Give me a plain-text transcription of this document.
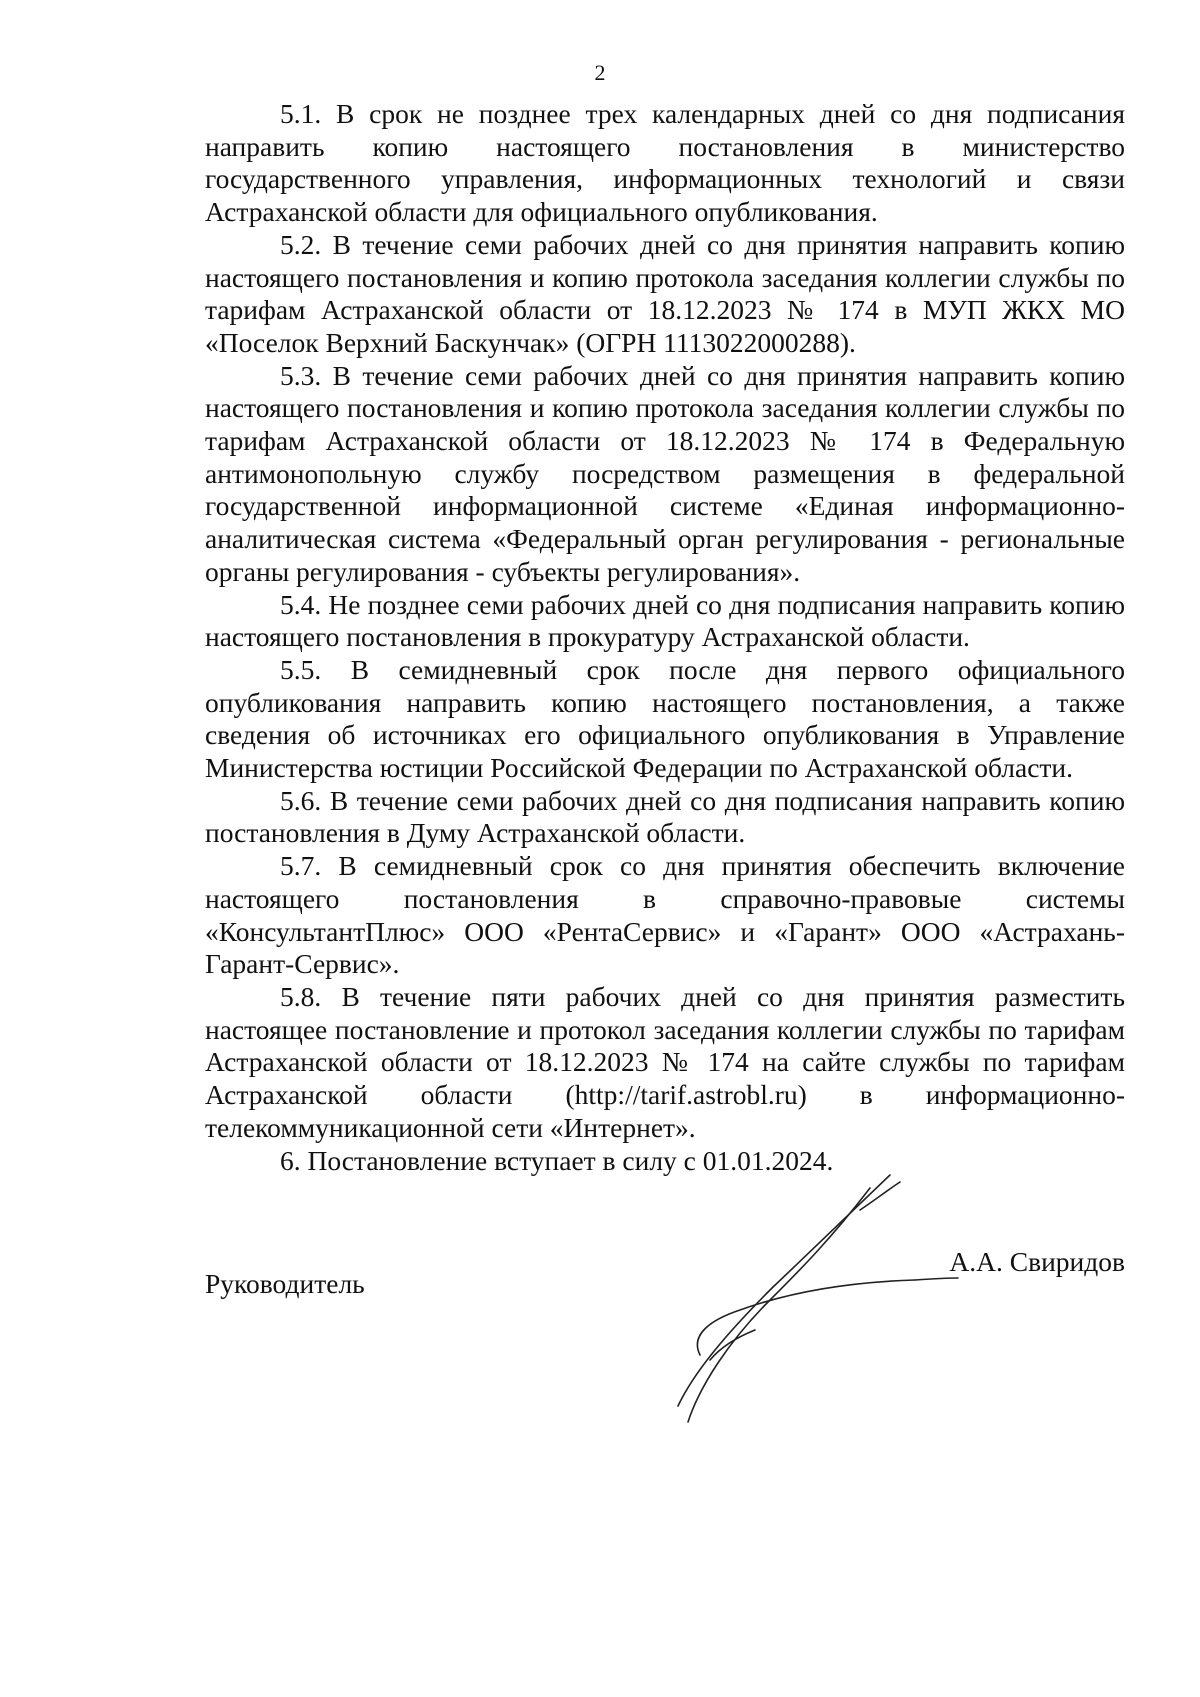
2

5.1. В срок не позднее трех календарных дней со дня подписания направить копию настоящего постановления в министерство государственного управления, информационных технологий и связи Астраханской области для официального опубликования.

5.2. В течение семи рабочих дней со дня принятия направить копию настоящего постановления и копию протокола заседания коллегии службы по тарифам Астраханской области от 18.12.2023 № 174 в МУП ЖКХ МО «Поселок Верхний Баскунчак» (ОГРН 1113022000288).

5.3. В течение семи рабочих дней со дня принятия направить копию настоящего постановления и копию протокола заседания коллегии службы по тарифам Астраханской области от 18.12.2023 № 174 в Федеральную антимонопольную службу посредством размещения в федеральной государственной информационной системе «Единая информационно-аналитическая система «Федеральный орган регулирования - региональные органы регулирования - субъекты регулирования».

5.4. Не позднее семи рабочих дней со дня подписания направить копию настоящего постановления в прокуратуру Астраханской области.

5.5. В семидневный срок после дня первого официального опубликования направить копию настоящего постановления, а также сведения об источниках его официального опубликования в Управление Министерства юстиции Российской Федерации по Астраханской области.

5.6. В течение семи рабочих дней со дня подписания направить копию постановления в Думу Астраханской области.

5.7. В семидневный срок со дня принятия обеспечить включение настоящего постановления в справочно-правовые системы «КонсультантПлюс» ООО «РентаСервис» и «Гарант» ООО «Астрахань-Гарант-Сервис».

5.8. В течение пяти рабочих дней со дня принятия разместить настоящее постановление и протокол заседания коллегии службы по тарифам Астраханской области от 18.12.2023 № 174 на сайте службы по тарифам Астраханской области (http://tarif.astrobl.ru) в информационно-телекоммуникационной сети «Интернет».

6. Постановление вступает в силу с 01.01.2024.

Руководитель
А.А. Свиридов
